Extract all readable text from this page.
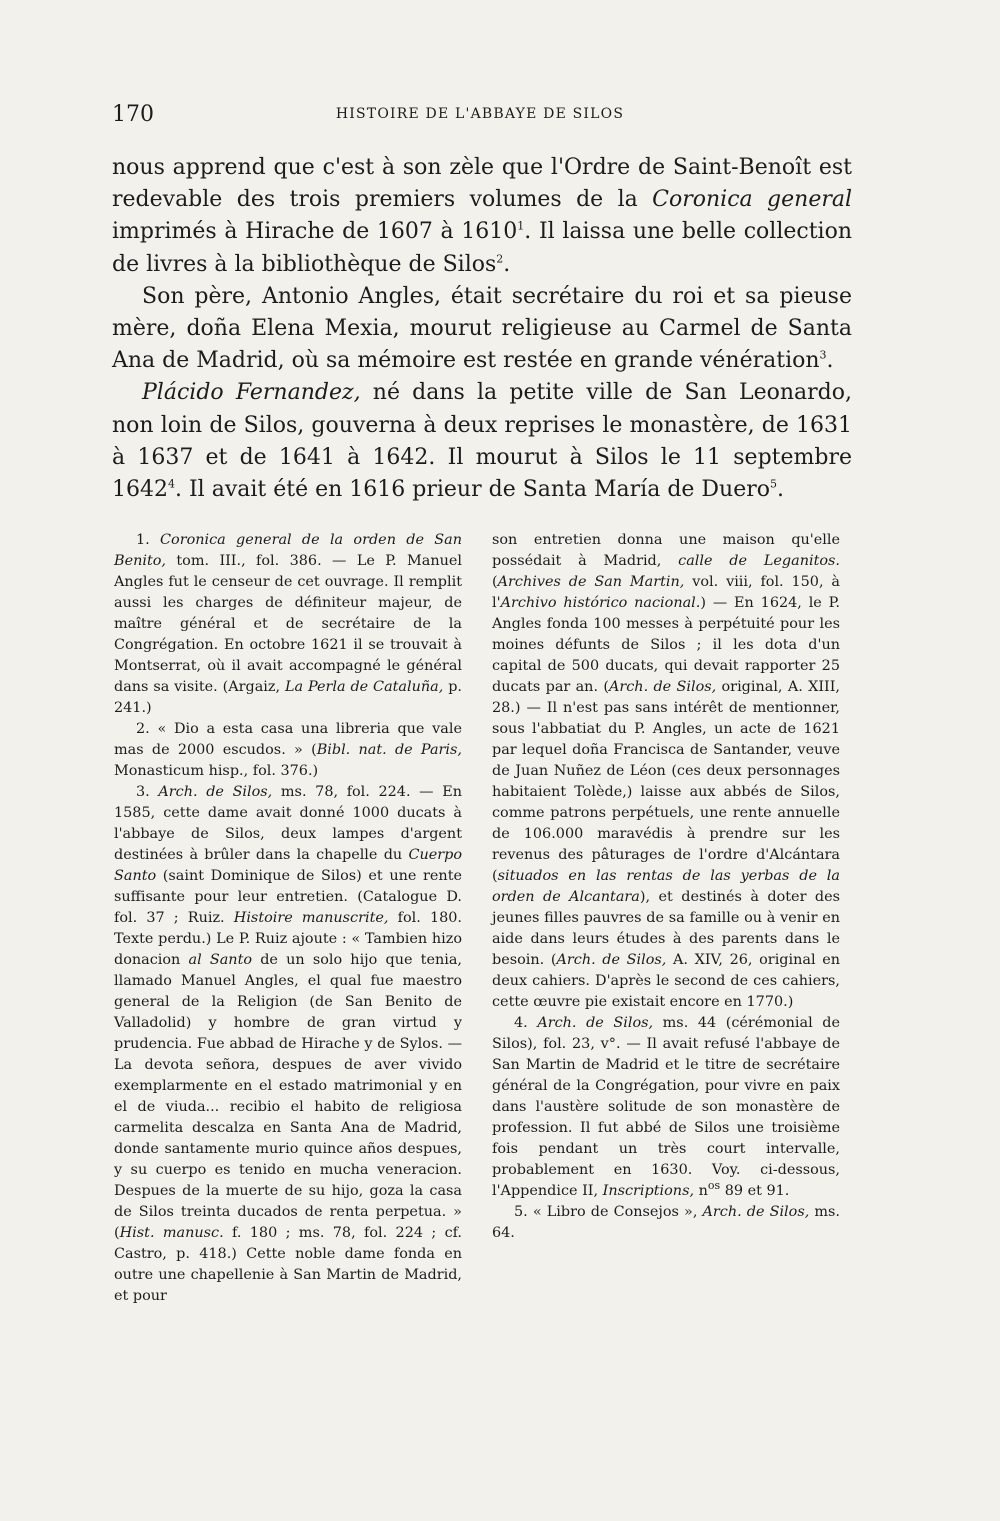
170	HISTOIRE DE L'ABBAYE DE SILOS

nous apprend que c'est à son zèle que l'Ordre de Saint-Benoît est redevable des trois premiers volumes de la Coronica general imprimés à Hirache de 1607 à 1610$^1$. Il laissa une belle collection de livres à la bibliothèque de Silos$^2$.

Son père, Antonio Angles, était secrétaire du roi et sa pieuse mère, doña Elena Mexia, mourut religieuse au Carmel de Santa Ana de Madrid, où sa mémoire est restée en grande vénération$^3$.

Plácido Fernandez, né dans la petite ville de San Leonardo, non loin de Silos, gouverna à deux reprises le monastère, de 1631 à 1637 et de 1641 à 1642. Il mourut à Silos le 11 septembre 1642$^4$. Il avait été en 1616 prieur de Santa María de Duero$^5$.

1. Coronica general de la orden de San Benito, tom. III., fol. 386. — Le P. Manuel Angles fut le censeur de cet ouvrage. Il remplit aussi les charges de définiteur majeur, de maître général et de secrétaire de la Congrégation. En octobre 1621 il se trouvait à Montserrat, où il avait accompagné le général dans sa visite. (Argaiz, La Perla de Cataluña, p. 241.)

2. « Dio a esta casa una libreria que vale mas de 2000 escudos. » (Bibl. nat. de Paris, Monasticum hisp., fol. 376.)

3. Arch. de Silos, ms. 78, fol. 224. — En 1585, cette dame avait donné 1000 ducats à l'abbaye de Silos, deux lampes d'argent destinées à brûler dans la chapelle du Cuerpo Santo (saint Dominique de Silos) et une rente suffisante pour leur entretien. (Catalogue D. fol. 37 ; Ruiz. Histoire manuscrite, fol. 180. Texte perdu.) Le P. Ruiz ajoute : « Tambien hizo donacion al Santo de un solo hijo que tenia, llamado Manuel Angles, el qual fue maestro general de la Religion (de San Benito de Valladolid) y hombre de gran virtud y prudencia. Fue abbad de Hirache y de Sylos. — La devota señora, despues de aver vivido exemplarmente en el estado matrimonial y en el de viuda... recibio el habito de religiosa carmelita descalza en Santa Ana de Madrid, donde santamente murio quince años despues, y su cuerpo es tenido en mucha veneracion. Despues de la muerte de su hijo, goza la casa de Silos treinta ducados de renta perpetua. » (Hist. manusc. f. 180 ; ms. 78, fol. 224 ; cf. Castro, p. 418.) Cette noble dame fonda en outre une chapellenie à San Martin de Madrid, et pour

son entretien donna une maison qu'elle possédait à Madrid, calle de Leganitos. (Archives de San Martin, vol. viii, fol. 150, à l'Archivo histórico nacional.) — En 1624, le P. Angles fonda 100 messes à perpétuité pour les moines défunts de Silos ; il les dota d'un capital de 500 ducats, qui devait rapporter 25 ducats par an. (Arch. de Silos, original, A. XIII, 28.) — Il n'est pas sans intérêt de mentionner, sous l'abbatiat du P. Angles, un acte de 1621 par lequel doña Francisca de Santander, veuve de Juan Nuñez de Léon (ces deux personnages habitaient Tolède,) laisse aux abbés de Silos, comme patrons perpétuels, une rente annuelle de 106.000 maravédis à prendre sur les revenus des pâturages de l'ordre d'Alcántara (situados en las rentas de las yerbas de la orden de Alcantara), et destinés à doter des jeunes filles pauvres de sa famille ou à venir en aide dans leurs études à des parents dans le besoin. (Arch. de Silos, A. XIV, 26, original en deux cahiers. D'après le second de ces cahiers, cette œuvre pie existait encore en 1770.)

4. Arch. de Silos, ms. 44 (cérémonial de Silos), fol. 23, v°. — Il avait refusé l'abbaye de San Martin de Madrid et le titre de secrétaire général de la Congrégation, pour vivre en paix dans l'austère solitude de son monastère de profession. Il fut abbé de Silos une troisième fois pendant un très court intervalle, probablement en 1630. Voy. ci-dessous, l'Appendice II, Inscriptions, $n^{os}$ 89 et 91.

5. « Libro de Consejos », Arch. de Silos, ms. 64.
